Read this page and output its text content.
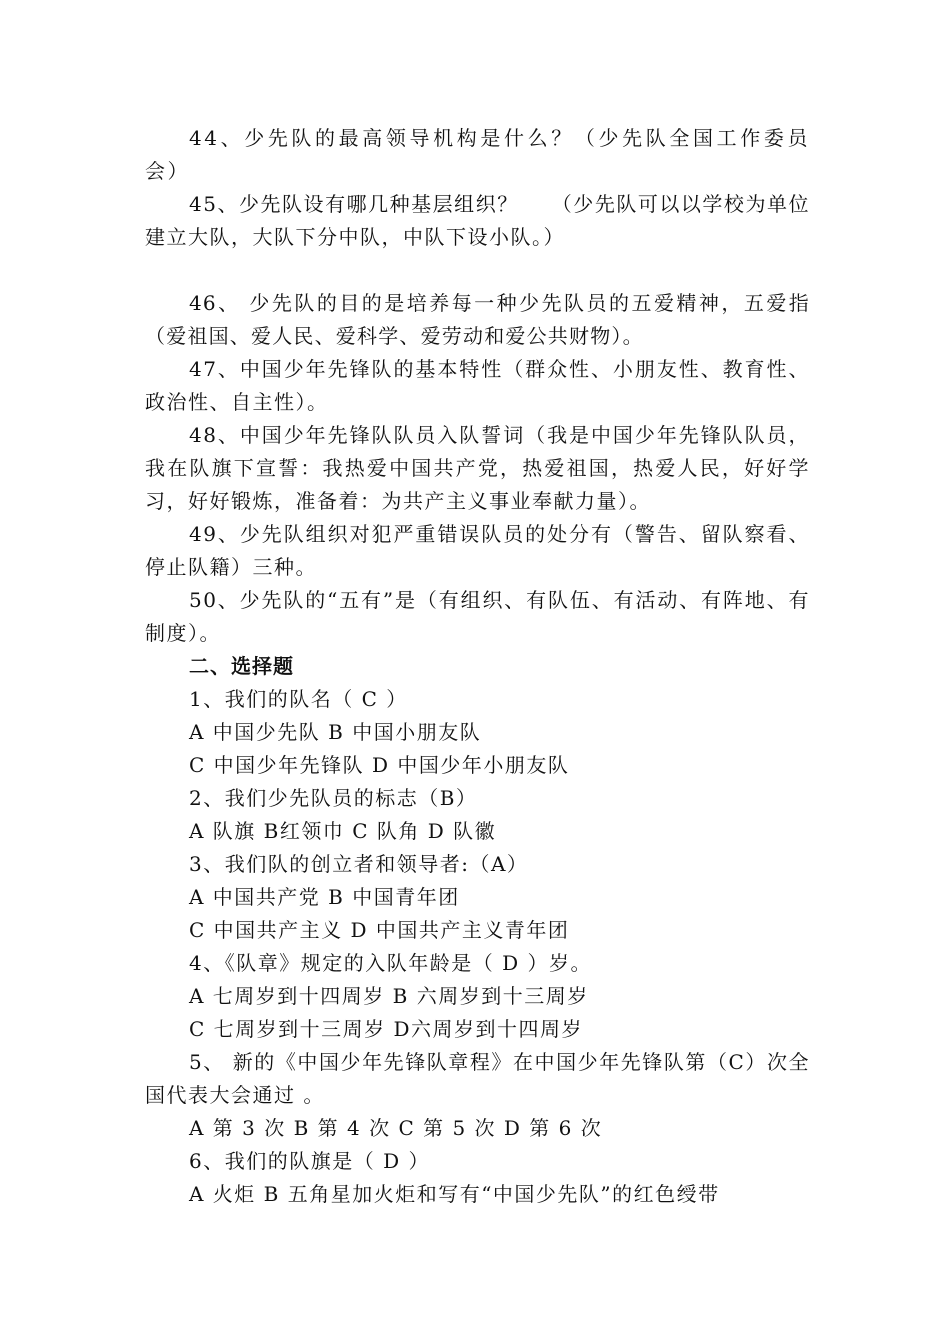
44、少先队的最高领导机构是什么？（少先队全国工作委员会）

45、少先队设有哪几种基层组织？　　（少先队可以以学校为单位建立大队，大队下分中队，中队下设小队。）

46、 少先队的目的是培养每一种少先队员的五爱精神，五爱指（爱祖国、爱人民、爱科学、爱劳动和爱公共财物）。

47、中国少年先锋队的基本特性（群众性、小朋友性、教育性、政治性、自主性）。

48、中国少年先锋队队员入队誓词（我是中国少年先锋队队员，我在队旗下宣誓：我热爱中国共产党，热爱祖国，热爱人民，好好学习，好好锻炼，准备着：为共产主义事业奉献力量）。

49、少先队组织对犯严重错误队员的处分有（警告、留队察看、停止队籍）三种。

50、少先队的“五有”是（有组织、有队伍、有活动、有阵地、有制度）。

二、选择题

1、我们的队名（ C ）

A 中国少先队 B 中国小朋友队

C 中国少年先锋队 D 中国少年小朋友队

2、我们少先队员的标志（B）

A 队旗 B红领巾 C 队角 D 队徽

3、我们队的创立者和领导者:（A）

A 中国共产党 B 中国青年团

C 中国共产主义 D 中国共产主义青年团

4、《队章》规定的入队年龄是（ D ）岁。

A 七周岁到十四周岁 B 六周岁到十三周岁

C 七周岁到十三周岁 D六周岁到十四周岁

5、 新的《中国少年先锋队章程》在中国少年先锋队第（C）次全国代表大会通过 。

A 第 3 次 B 第 4 次 C 第 5 次 D 第 6 次

6、我们的队旗是（ D ）

A 火炬 B 五角星加火炬和写有“中国少先队”的红色绶带
